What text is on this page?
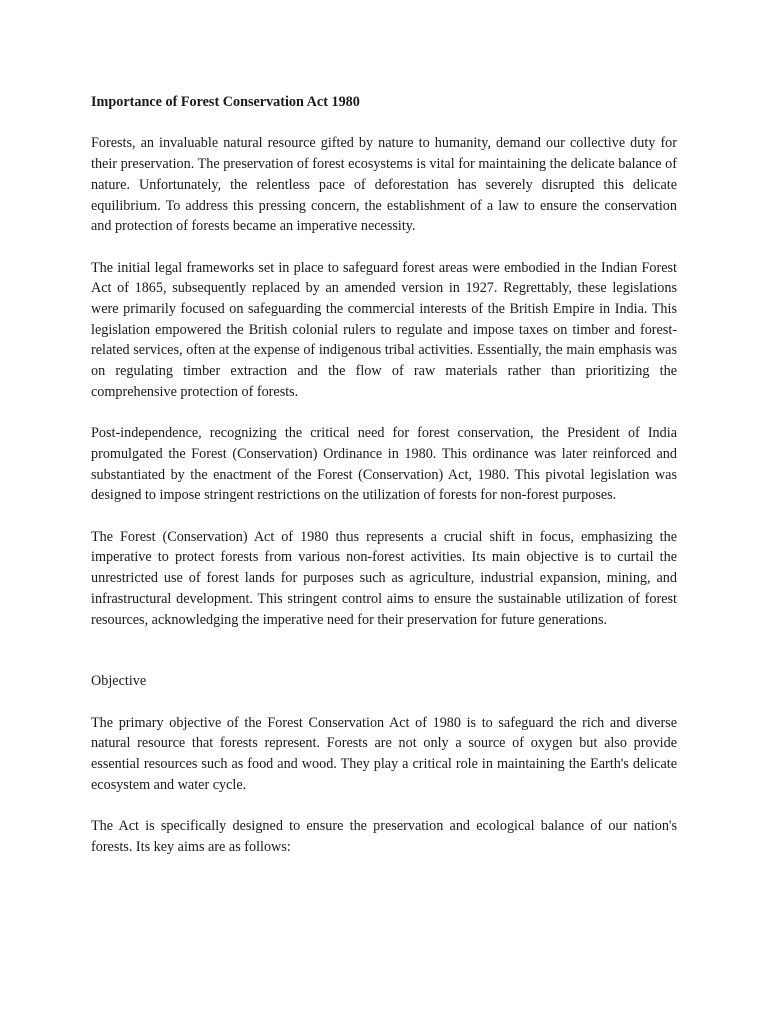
Importance of Forest Conservation Act 1980

Forests, an invaluable natural resource gifted by nature to humanity, demand our collective duty for their preservation. The preservation of forest ecosystems is vital for maintaining the delicate balance of nature. Unfortunately, the relentless pace of deforestation has severely disrupted this delicate equilibrium. To address this pressing concern, the establishment of a law to ensure the conservation and protection of forests became an imperative necessity.

The initial legal frameworks set in place to safeguard forest areas were embodied in the Indian Forest Act of 1865, subsequently replaced by an amended version in 1927. Regrettably, these legislations were primarily focused on safeguarding the commercial interests of the British Empire in India. This legislation empowered the British colonial rulers to regulate and impose taxes on timber and forest-related services, often at the expense of indigenous tribal activities. Essentially, the main emphasis was on regulating timber extraction and the flow of raw materials rather than prioritizing the comprehensive protection of forests.

Post-independence, recognizing the critical need for forest conservation, the President of India promulgated the Forest (Conservation) Ordinance in 1980. This ordinance was later reinforced and substantiated by the enactment of the Forest (Conservation) Act, 1980. This pivotal legislation was designed to impose stringent restrictions on the utilization of forests for non-forest purposes.

The Forest (Conservation) Act of 1980 thus represents a crucial shift in focus, emphasizing the imperative to protect forests from various non-forest activities. Its main objective is to curtail the unrestricted use of forest lands for purposes such as agriculture, industrial expansion, mining, and infrastructural development. This stringent control aims to ensure the sustainable utilization of forest resources, acknowledging the imperative need for their preservation for future generations.

Objective

The primary objective of the Forest Conservation Act of 1980 is to safeguard the rich and diverse natural resource that forests represent. Forests are not only a source of oxygen but also provide essential resources such as food and wood. They play a critical role in maintaining the Earth's delicate ecosystem and water cycle.

The Act is specifically designed to ensure the preservation and ecological balance of our nation's forests. Its key aims are as follows:
